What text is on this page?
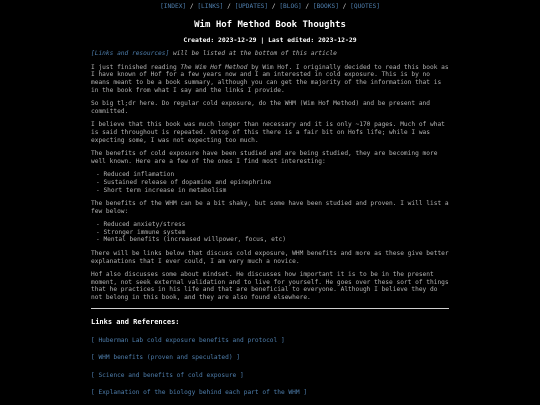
[INDEX] / [LINKS] / [UPDATES] / [BLOG] / [BOOKS] / [QUOTES]
Wim Hof Method Book Thoughts
Created: 2023-12-29 | Last edited: 2023-12-29
[Links and resources] will be listed at the bottom of this article

I just finished reading The Wim Hof Method by Wim Hof. I originally decided to read this book as I have known of Hof for a few years now and I am interested in cold exposure. This is by no means meant to be a book summary, although you can get the majority of the information that is in the book from what I say and the links I provide.

So big tl;dr here. Do regular cold exposure, do the WHM (Wim Hof Method) and be present and committed.

I believe that this book was much longer than necessary and it is only ~170 pages. Much of what is said throughout is repeated. Ontop of this there is a fair bit on Hofs life; while I was expecting some, I was not expecting too much.

The benefits of cold exposure have been studied and are being studied, they are becoming more well known. Here are a few of the ones I find most interesting:

- Reduced inflamation
- Sustained release of dopamine and epinephrine
- Short term increase in metabolism

The benefits of the WHM can be a bit shaky, but some have been studied and proven. I will list a few below:

- Reduced anxiety/stress
- Stronger immune system
- Mental benefits (increased willpower, focus, etc)

There will be links below that discuss cold exposure, WHM benefits and more as these give better explanations that I ever could, I am very much a novice.

Hof also discusses some about mindset. He discusses how important it is to be in the present moment, not seek external validation and to live for yourself. He goes over these sort of things that he practices in his life and that are beneficial to everyone. Although I believe they do not belong in this book, and they are also found elsewhere.

Links and References:
[ Huberman Lab cold exposure benefits and protocol ]
[ WHM benefits (proven and speculated) ]
[ Science and benefits of cold exposure ]
[ Explanation of the biology behind each part of the WHM ]
